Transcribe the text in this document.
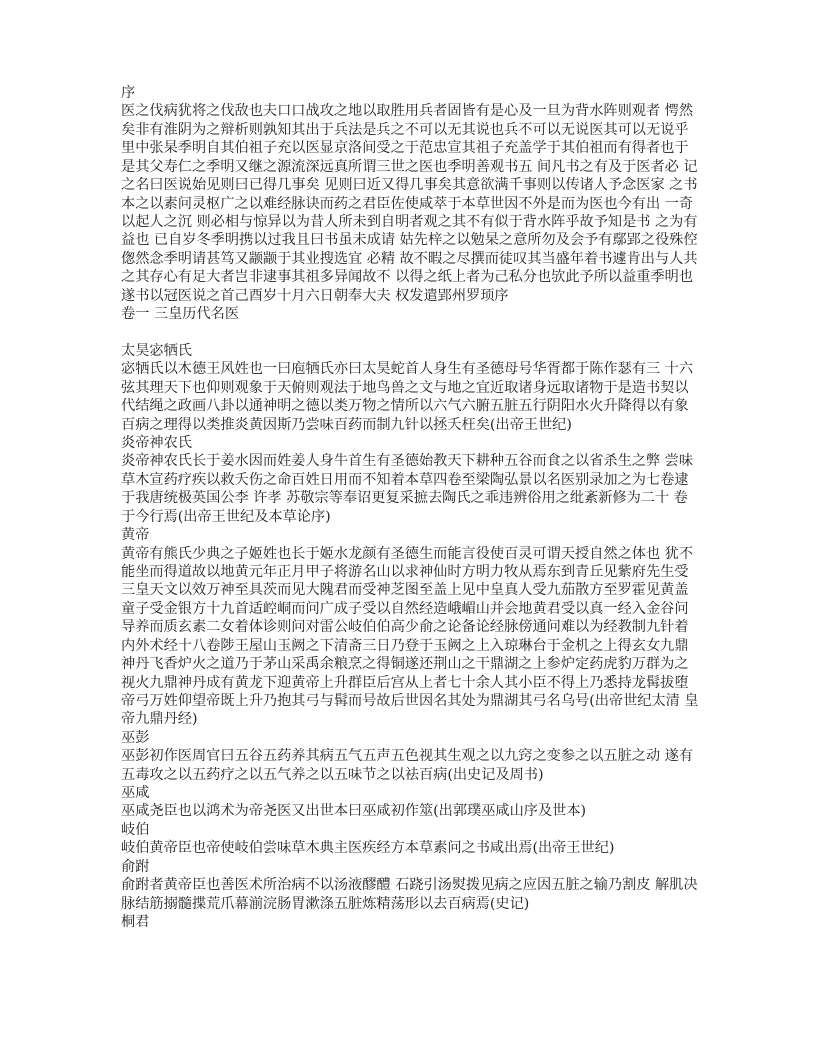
序
医之伐病犹将之伐敌也夫口口战攻之地以取胜用兵者固皆有是心及一旦为背水阵则观者 愕然
矣非有淮阴为之辩析则孰知其出于兵法是兵之不可以无其说也兵不可以无说医其可以无说乎
里中张杲季明自其伯祖子充以医显京洛间受之于范忠宣其祖子充盖学于其伯祖而有得者也于
是其父寿仁之季明又继之源流深远真所谓三世之医也季明善观书五 间凡书之有及于医者必 记
之名曰医说始见则曰已得几事矣 见则曰近又得几事矣其意欲满千事则以传诸人予念医家 之书
本之以素问灵枢广之以难经脉诀而药之君臣佐使咸萃于本草世因不外是而为医也今有出 一奇
以起人之沉 则必相与惊异以为昔人所未到自明者观之其不有似于背水阵乎故予知是书 之为有
益也 已自岁冬季明携以过我且曰书虽未成请 姑先梓之以勉杲之意所勿及会予有鄢郢之役殊倥
偬然念季明请甚笃又颛颛于其业搜选宜 必精 故不暇之尽撰而徒叹其当盛年着书遽肯出与人共
之其存心有足大者岂非逮事其祖多异闻故不 以得之纸上者为己私分也欤此予所以益重季明也
遂书以冠医说之首己酉岁十月六日朝奉大夫 权发遣郢州罗顼序
卷一 三皇历代名医
太昊宓牺氏
宓牺氏以木德王风姓也一曰庖牺氏亦曰太昊蛇首人身生有圣德母号华胥都于陈作瑟有三 十六
弦其理天下也仰则观象于天俯则观法于地鸟兽之文与地之宜近取诸身远取诸物于是造书契以
代结绳之政画八卦以通神明之德以类万物之情所以六气六腑五脏五行阴阳水火升降得以有象
百病之理得以类推炎黄因斯乃尝味百药而制九针以拯夭枉矣(出帝王世纪)
炎帝神农氏
炎帝神农氏长于姜水因而姓姜人身牛首生有圣德始教天下耕种五谷而食之以省杀生之弊 尝味
草木宣药疗疾以救夭伤之命百姓日用而不知着本草四卷至梁陶弘景以名医别录加之为七卷逮
于我唐统极英国公李 许孝 苏敬宗等奉诏更复采摭去陶氏之乖违辨俗用之纰紊新修为二十 卷
于今行焉(出帝王世纪及本草论序)
黄帝
黄帝有熊氏少典之子姬姓也长于姬水龙颜有圣德生而能言役使百灵可谓天授自然之体也 犹不
能坐而得道故以地黄元年正月甲子将游名山以求神仙时方明力牧从焉东到青丘见紫府先生受
三皇天文以效万神至具茨而见大隗君而受神芝图至盖上见中皇真人受九茄散方至罗霍见黄盖
童子受金银方十九首适崆峒而问广成子受以自然经造峨嵋山并会地黄君受以真一经入金谷问
导养而质玄素二女着体诊则问对雷公岐伯伯高少俞之论备论经脉傍通问难以为经教制九针着
内外术经十八卷陟王屋山玉阙之下清斋三日乃登于玉阙之上入琼琳台于金机之上得玄女九鼎
神丹飞香炉火之道乃于茅山采禹余粮烹之得铜遂还荆山之干鼎湖之上参炉定药虎豹万群为之
视火九鼎神丹成有黄龙下迎黄帝上升群臣后宫从上者七十余人其小臣不得上乃悉持龙髯拔堕
帝弓万姓仰望帝既上升乃抱其弓与髯而号故后世因名其处为鼎湖其弓名乌号(出帝世纪太清 皇
帝九鼎丹经)
巫彭
巫彭初作医周官曰五谷五药养其病五气五声五色视其生观之以九窍之变参之以五脏之动 遂有
五毒攻之以五药疗之以五气养之以五味节之以祛百病(出史记及周书)
巫咸
巫咸尧臣也以鸿术为帝尧医又出世本曰巫咸初作筮(出郭璞巫咸山序及世本)
岐伯
岐伯黄帝臣也帝使岐伯尝味草木典主医疾经方本草素问之书咸出焉(出帝王世纪)
俞跗
俞跗者黄帝臣也善医术所治病不以汤液醪醴 石跷引汤熨拨见病之应因五脏之输乃割皮 解肌决
脉结筋搦髓揲荒爪幕湔浣肠胃漱涤五脏炼精荡形以去百病焉(史记)
桐君
